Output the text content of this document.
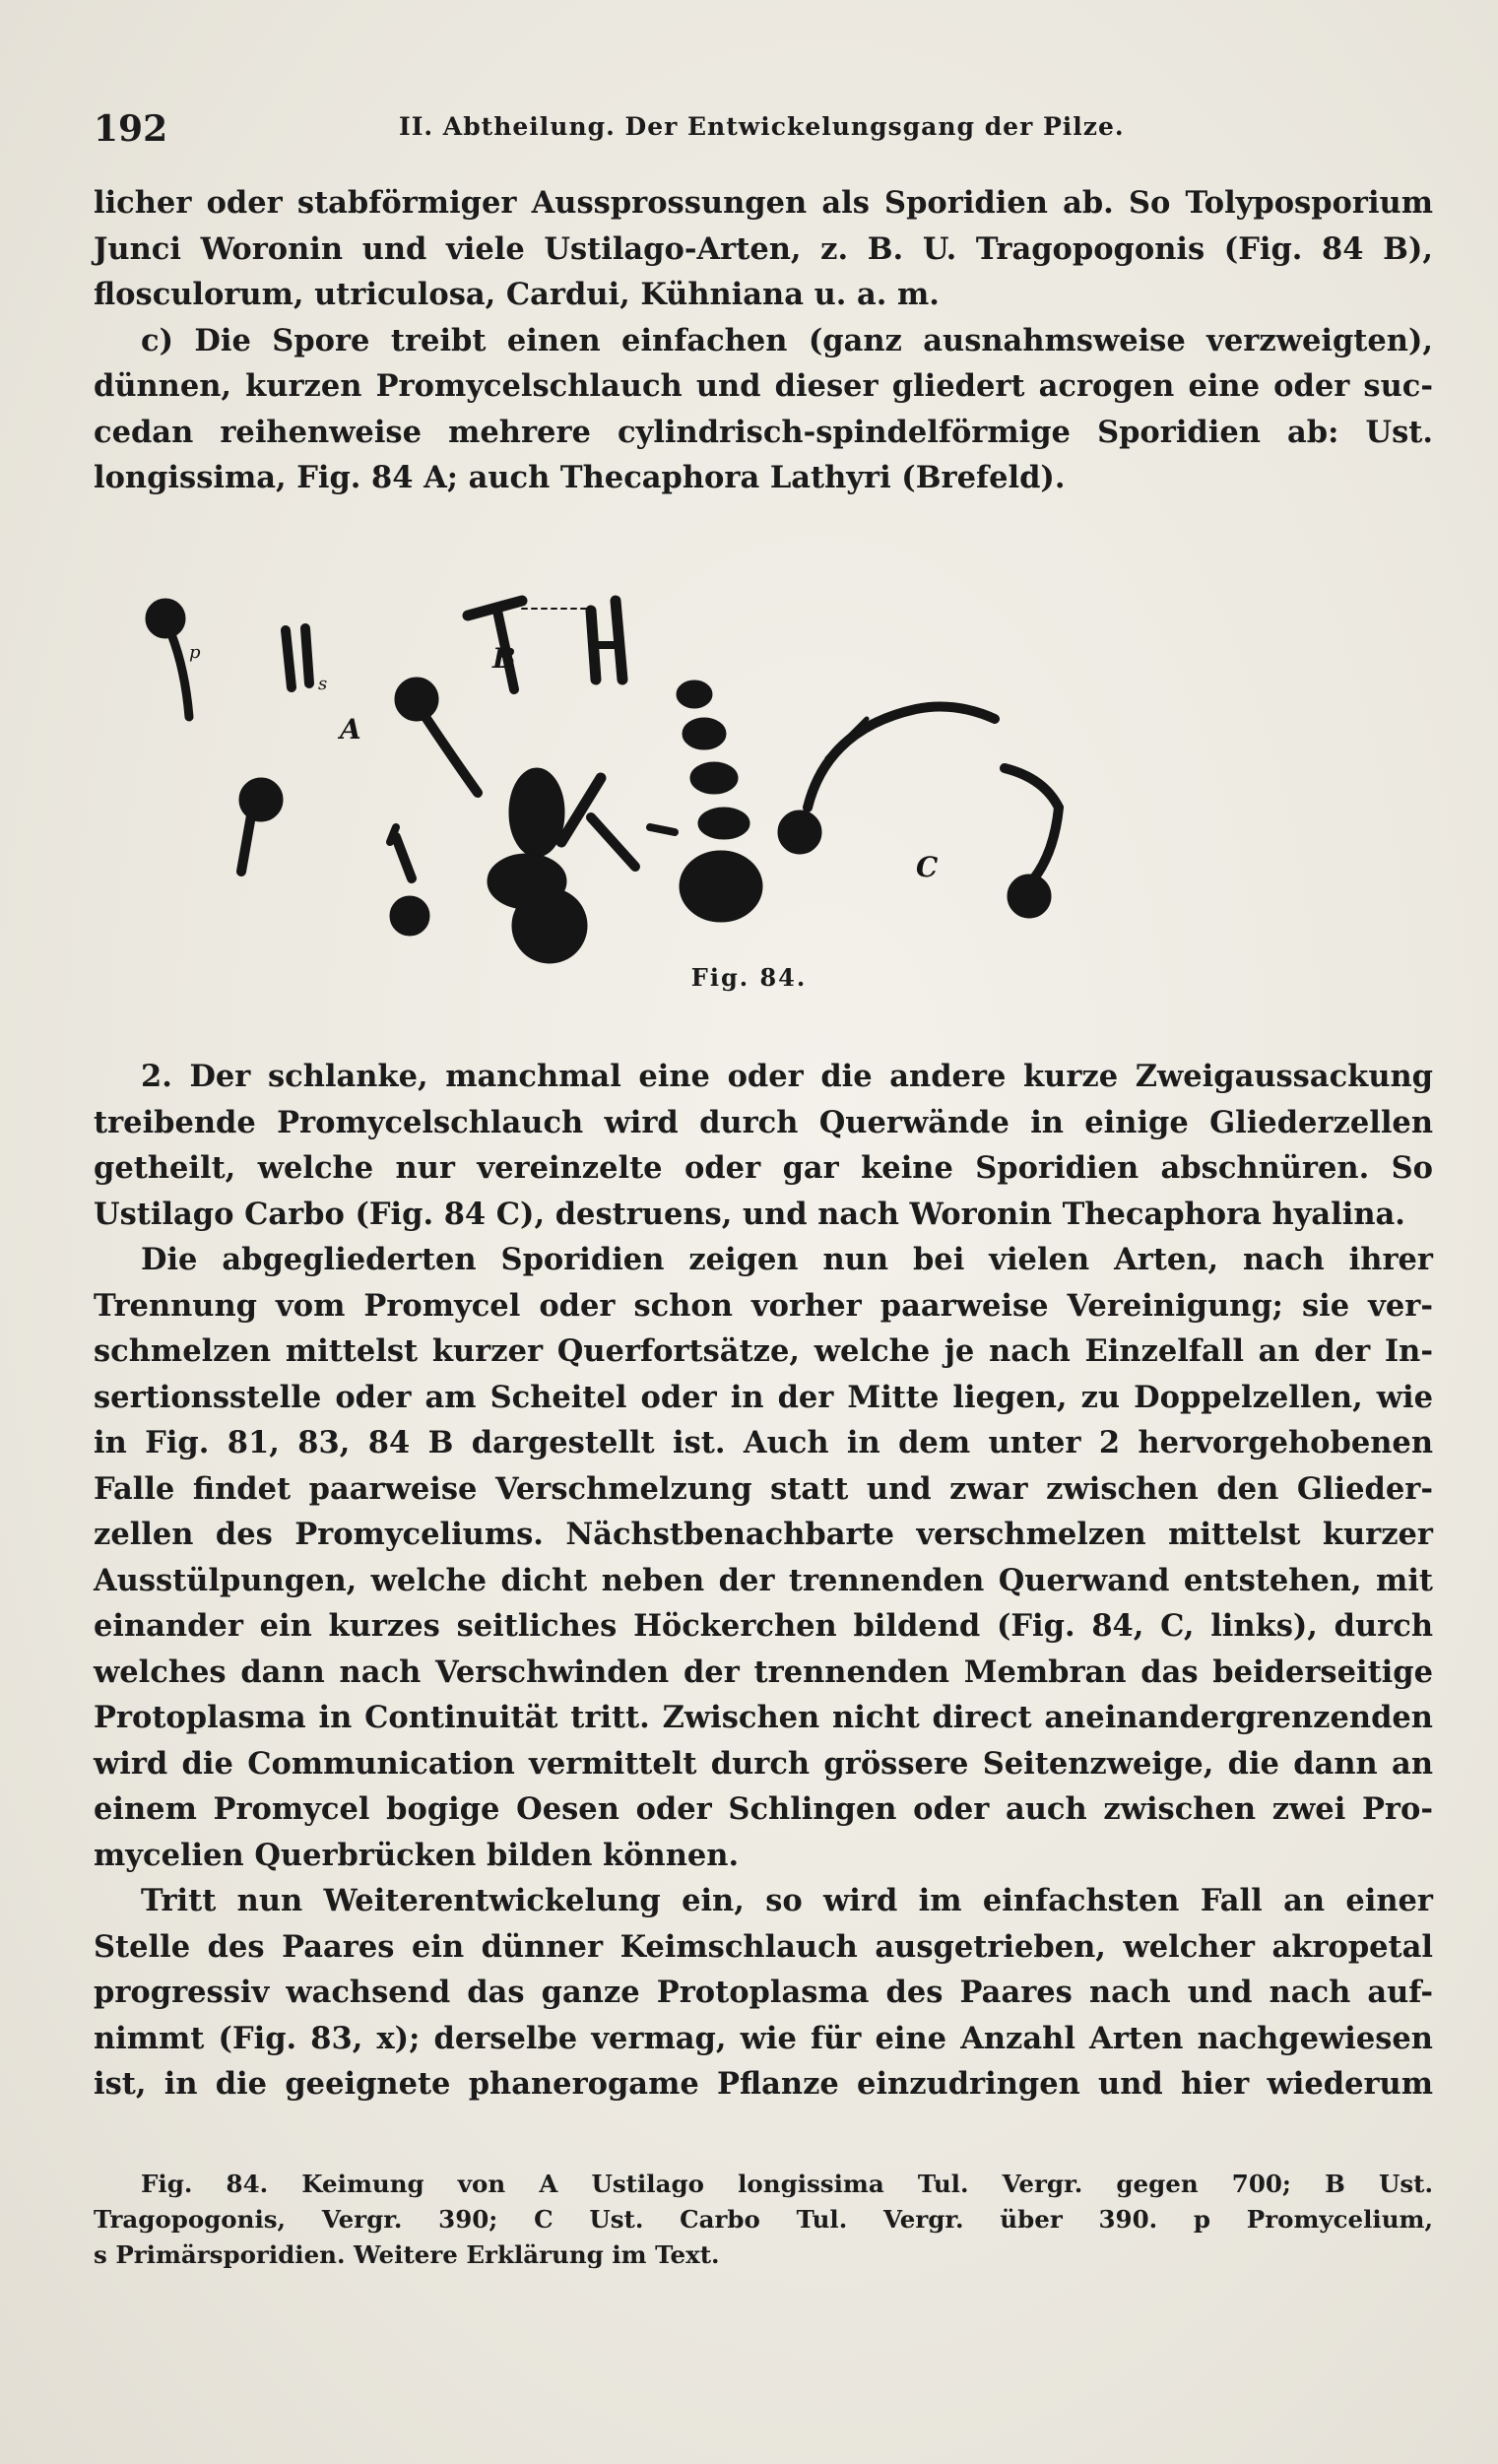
192	II. Abtheilung. Der Entwickelungsgang der Pilze.
licher oder stabförmiger Aussprossungen als Sporidien ab. So Tolyposporium
Junci Woronin und viele Ustilago-Arten, z. B. U. Tragopogonis (Fig. 84 B),
flosculorum, utriculosa, Cardui, Kühniana u. a. m.
c) Die Spore treibt einen einfachen (ganz ausnahmsweise verzweigten),
dünnen, kurzen Promycelschlauch und dieser gliedert acrogen eine oder suc-
cedan reihenweise mehrere cylindrisch-spindelförmige Sporidien ab: Ust.
longissima, Fig. 84 A; auch Thecaphora Lathyri (Brefeld).
A
B
C
p
s
Fig. 84.
2. Der schlanke, manchmal eine oder die andere kurze Zweigaussackung
treibende Promycelschlauch wird durch Querwände in einige Gliederzellen
getheilt, welche nur vereinzelte oder gar keine Sporidien abschnüren. So
Ustilago Carbo (Fig. 84 C), destruens, und nach Woronin Thecaphora hyalina.
Die abgegliederten Sporidien zeigen nun bei vielen Arten, nach ihrer
Trennung vom Promycel oder schon vorher paarweise Vereinigung; sie ver-
schmelzen mittelst kurzer Querfortsätze, welche je nach Einzelfall an der In-
sertionsstelle oder am Scheitel oder in der Mitte liegen, zu Doppelzellen, wie
in Fig. 81, 83, 84 B dargestellt ist. Auch in dem unter 2 hervorgehobenen
Falle findet paarweise Verschmelzung statt und zwar zwischen den Glieder-
zellen des Promyceliums. Nächstbenachbarte verschmelzen mittelst kurzer
Ausstülpungen, welche dicht neben der trennenden Querwand entstehen, mit
einander ein kurzes seitliches Höckerchen bildend (Fig. 84, C, links), durch
welches dann nach Verschwinden der trennenden Membran das beiderseitige
Protoplasma in Continuität tritt. Zwischen nicht direct aneinandergrenzenden
wird die Communication vermittelt durch grössere Seitenzweige, die dann an
einem Promycel bogige Oesen oder Schlingen oder auch zwischen zwei Pro-
mycelien Querbrücken bilden können.
Tritt nun Weiterentwickelung ein, so wird im einfachsten Fall an einer
Stelle des Paares ein dünner Keimschlauch ausgetrieben, welcher akropetal
progressiv wachsend das ganze Protoplasma des Paares nach und nach auf-
nimmt (Fig. 83, x); derselbe vermag, wie für eine Anzahl Arten nachgewiesen
ist, in die geeignete phanerogame Pflanze einzudringen und hier wiederum
Fig. 84. Keimung von A Ustilago longissima Tul. Vergr. gegen 700; B Ust.
Tragopogonis, Vergr. 390; C Ust. Carbo Tul. Vergr. über 390. p Promycelium,
s Primärsporidien. Weitere Erklärung im Text.
